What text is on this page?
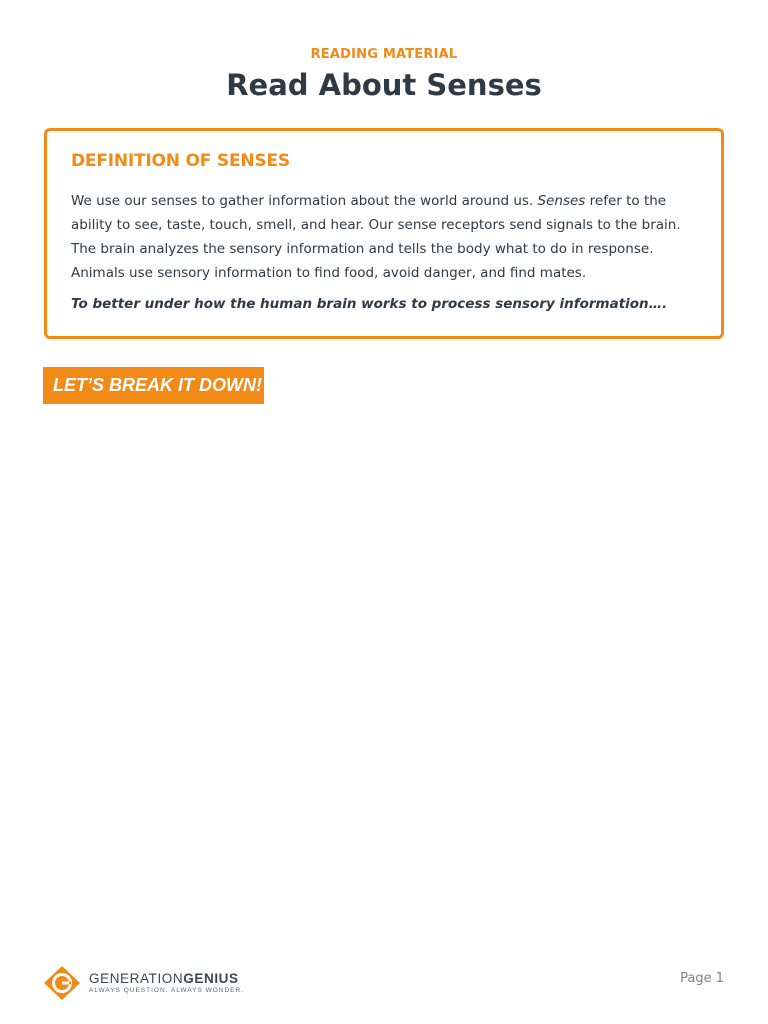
READING MATERIAL
Read About Senses
DEFINITION OF SENSES

We use our senses to gather information about the world around us. Senses refer to the ability to see, taste, touch, smell, and hear. Our sense receptors send signals to the brain. The brain analyzes the sensory information and tells the body what to do in response. Animals use sensory information to find food, avoid danger, and find mates.

To better under how the human brain works to process sensory information….

LET’S BREAK IT DOWN!
GENERATIONGENIUS
ALWAYS QUESTION. ALWAYS WONDER.
Page 1
